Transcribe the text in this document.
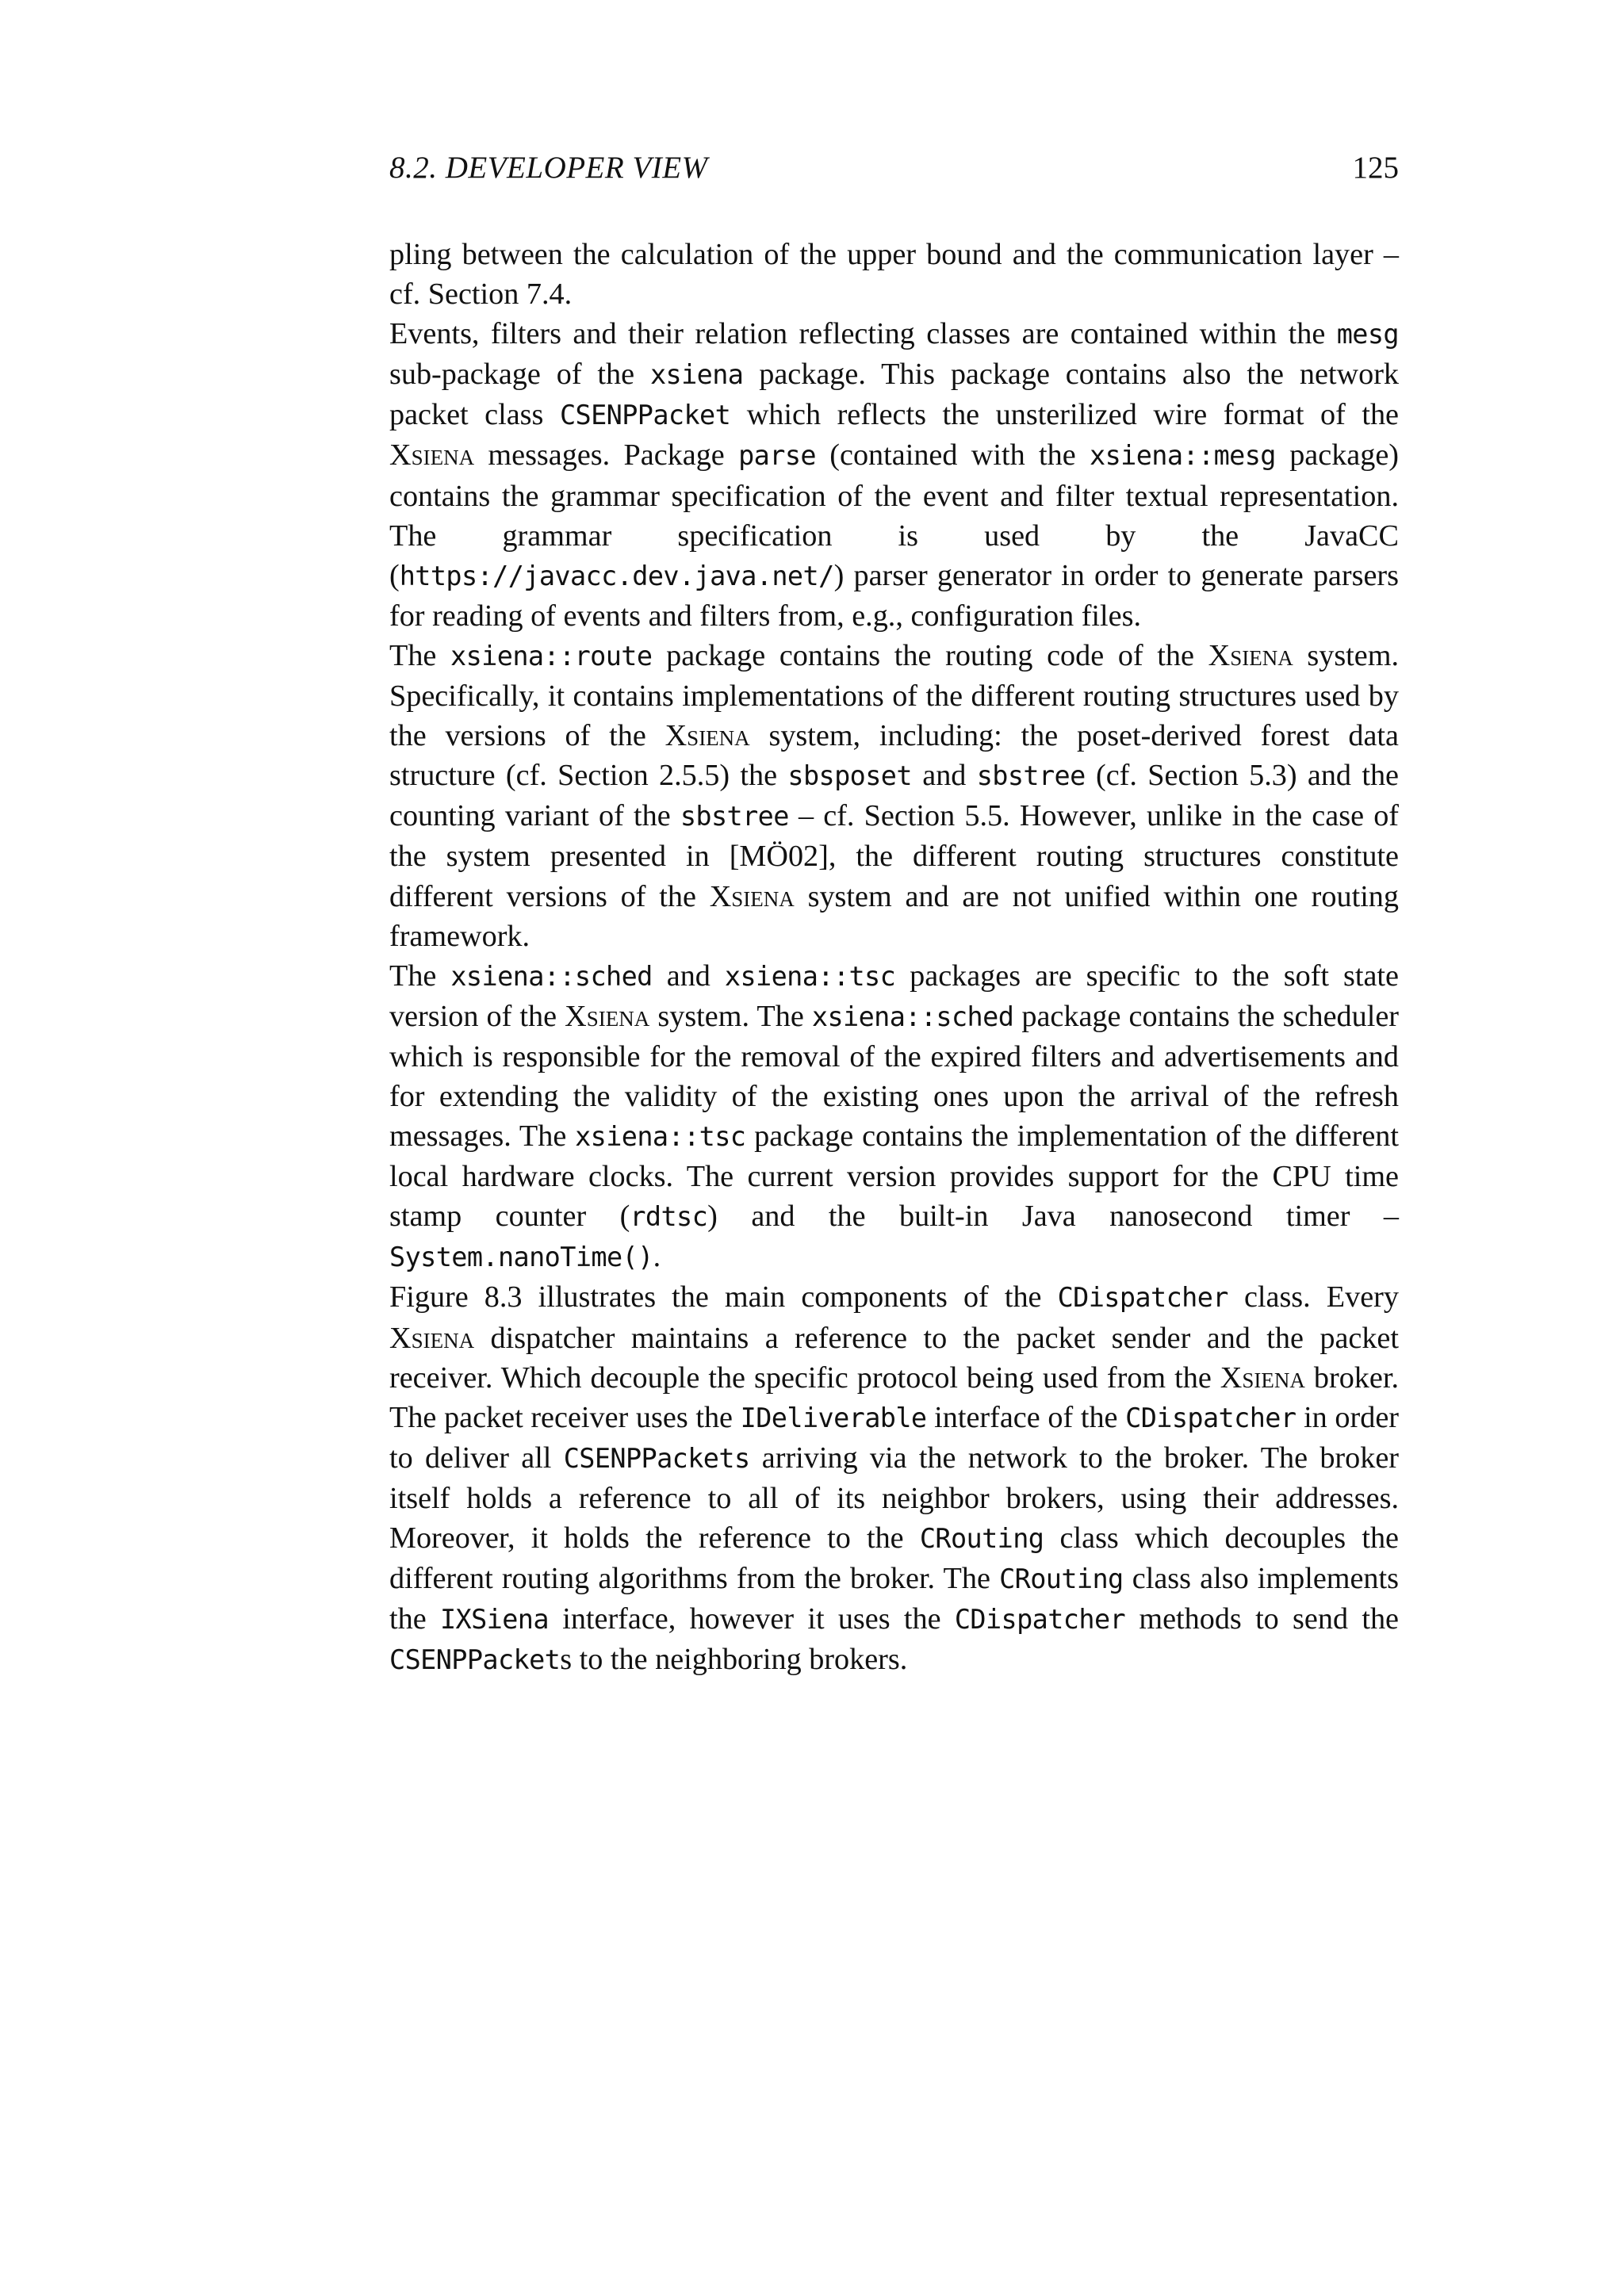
8.2. DEVELOPER VIEW	125

pling between the calculation of the upper bound and the communication layer – cf. Section 7.4.

Events, filters and their relation reflecting classes are contained within the mesg sub-package of the xsiena package. This package contains also the network packet class CSENPPacket which reflects the unsterilized wire format of the Xsiena messages. Package parse (contained with the xsiena::mesg package) contains the grammar specification of the event and filter textual representation. The grammar specification is used by the JavaCC (https://javacc.dev.java.net/) parser generator in order to generate parsers for reading of events and filters from, e.g., configuration files.

The xsiena::route package contains the routing code of the Xsiena system. Specifically, it contains implementations of the different routing structures used by the versions of the Xsiena system, including: the poset-derived forest data structure (cf. Section 2.5.5) the sbsposet and sbstree (cf. Section 5.3) and the counting variant of the sbstree – cf. Section 5.5. However, unlike in the case of the system presented in [MÖ02], the different routing structures constitute different versions of the Xsiena system and are not unified within one routing framework.

The xsiena::sched and xsiena::tsc packages are specific to the soft state version of the Xsiena system. The xsiena::sched package contains the scheduler which is responsible for the removal of the expired filters and advertisements and for extending the validity of the existing ones upon the arrival of the refresh messages. The xsiena::tsc package contains the implementation of the different local hardware clocks. The current version provides support for the CPU time stamp counter (rdtsc) and the built-in Java nanosecond timer – System.nanoTime().

Figure 8.3 illustrates the main components of the CDispatcher class. Every Xsiena dispatcher maintains a reference to the packet sender and the packet receiver. Which decouple the specific protocol being used from the Xsiena broker. The packet receiver uses the IDeliverable interface of the CDispatcher in order to deliver all CSENPPackets arriving via the network to the broker. The broker itself holds a reference to all of its neighbor brokers, using their addresses. Moreover, it holds the reference to the CRouting class which decouples the different routing algorithms from the broker. The CRouting class also implements the IXSiena interface, however it uses the CDispatcher methods to send the CSENPPackets to the neighboring brokers.
